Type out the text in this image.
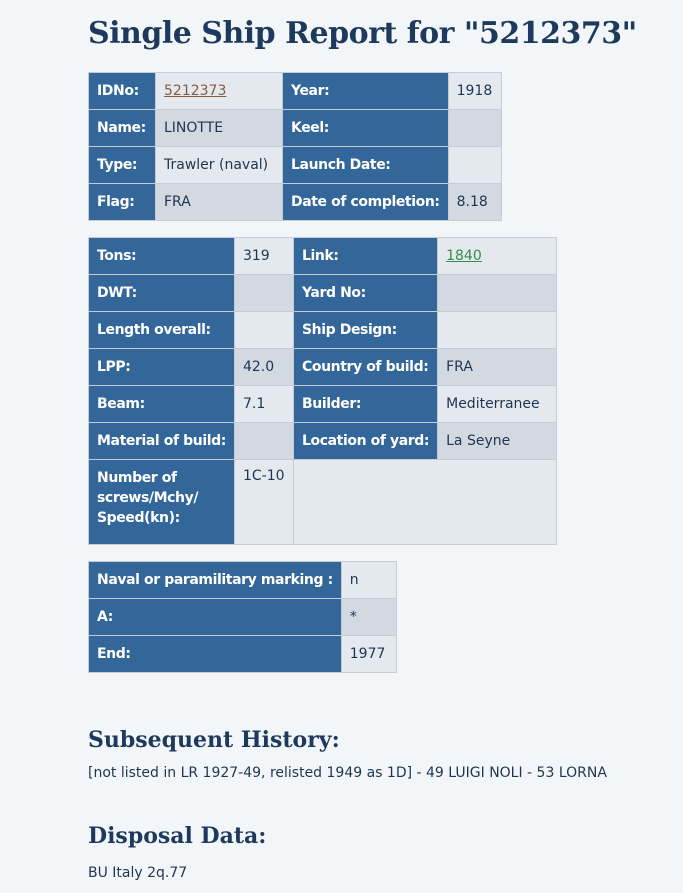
Single Ship Report for "5212373"
IDNo:	5212373	Year:	1918
Name:	LINOTTE	Keel:	
Type:	Trawler (naval)	Launch Date:	
Flag:	FRA	Date of completion:	8.18
Tons:	319	Link:	1840
DWT:		Yard No:	
Length overall:		Ship Design:	
LPP:	42.0	Country of build:	FRA
Beam:	7.1	Builder:	Mediterranee
Material of build:		Location of yard:	La Seyne
Number of screws/Mchy/ Speed(kn):	1C-10		
Naval or paramilitary marking :	n
A:	*
End:	1977
Subsequent History:

[not listed in LR 1927-49, relisted 1949 as 1D] - 49 LUIGI NOLI - 53 LORNA

Disposal Data:

BU Italy 2q.77
